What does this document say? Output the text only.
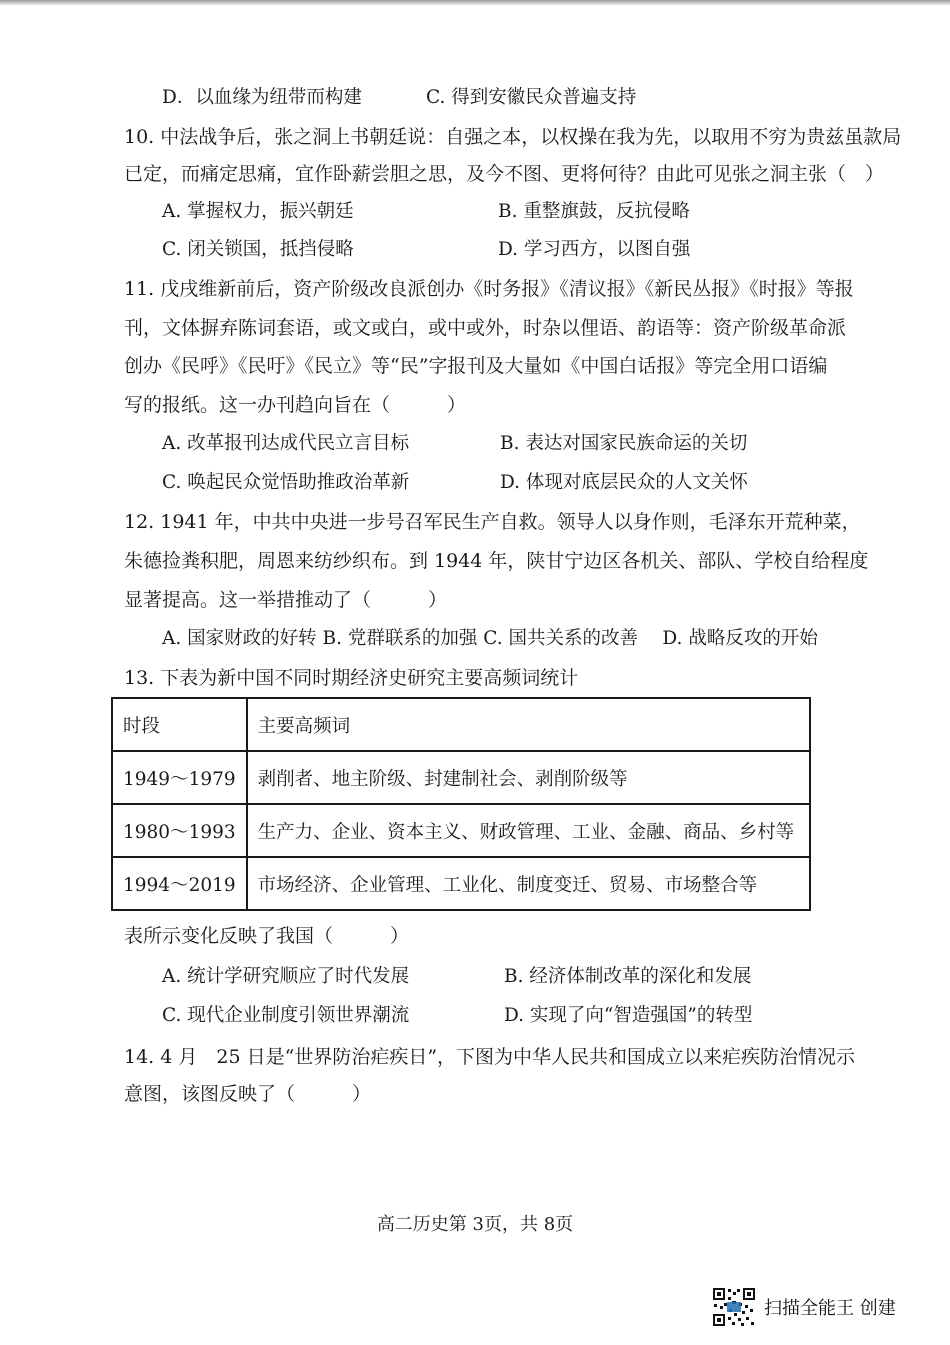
D．以血缘为纽带而构建	C. 得到安徽民众普遍支持
10. 中法战争后，张之洞上书朝廷说：自强之本，以权操在我为先，以取用不穷为贵兹虽款局
已定，而痛定思痛，宜作卧薪尝胆之思，及今不图、更将何待？由此可见张之洞主张（　）
A. 掌握权力，振兴朝廷	B. 重整旗鼓，反抗侵略
C. 闭关锁国，抵挡侵略	D. 学习西方，以图自强
11. 戊戌维新前后，资产阶级改良派创办《时务报》《清议报》《新民丛报》《时报》等报
刊，文体摒弃陈词套语，或文或白，或中或外，时杂以俚语、韵语等：资产阶级革命派
创办《民呼》《民吁》《民立》等“民”字报刊及大量如《中国白话报》等完全用口语编
写的报纸。这一办刊趋向旨在（　　　）
A. 改革报刊达成代民立言目标	B. 表达对国家民族命运的关切
C. 唤起民众觉悟助推政治革新	D. 体现对底层民众的人文关怀
12. 1941 年，中共中央进一步号召军民生产自救。领导人以身作则，毛泽东开荒种菜，
朱德捡粪积肥，周恩来纺纱织布。到 1944 年，陕甘宁边区各机关、部队、学校自给程度
显著提高。这一举措推动了（　　　）
A. 国家财政的好转 B. 党群联系的加强 C. 国共关系的改善　 D. 战略反攻的开始
13. 下表为新中国不同时期经济史研究主要高频词统计
时段	主要高频词
1949～1979	剥削者、地主阶级、封建制社会、剥削阶级等
1980～1993	生产力、企业、资本主义、财政管理、工业、金融、商品、乡村等
1994～2019	市场经济、企业管理、工业化、制度变迁、贸易、市场整合等
表所示变化反映了我国（　　　）
A. 统计学研究顺应了时代发展	B. 经济体制改革的深化和发展
C. 现代企业制度引领世界潮流	D. 实现了向“智造强国”的转型
14. 4 月　25 日是“世界防治疟疾日”，下图为中华人民共和国成立以来疟疾防治情况示
意图，该图反映了（　　　）
高二历史第 3页，共 8页
扫描全能王 创建
